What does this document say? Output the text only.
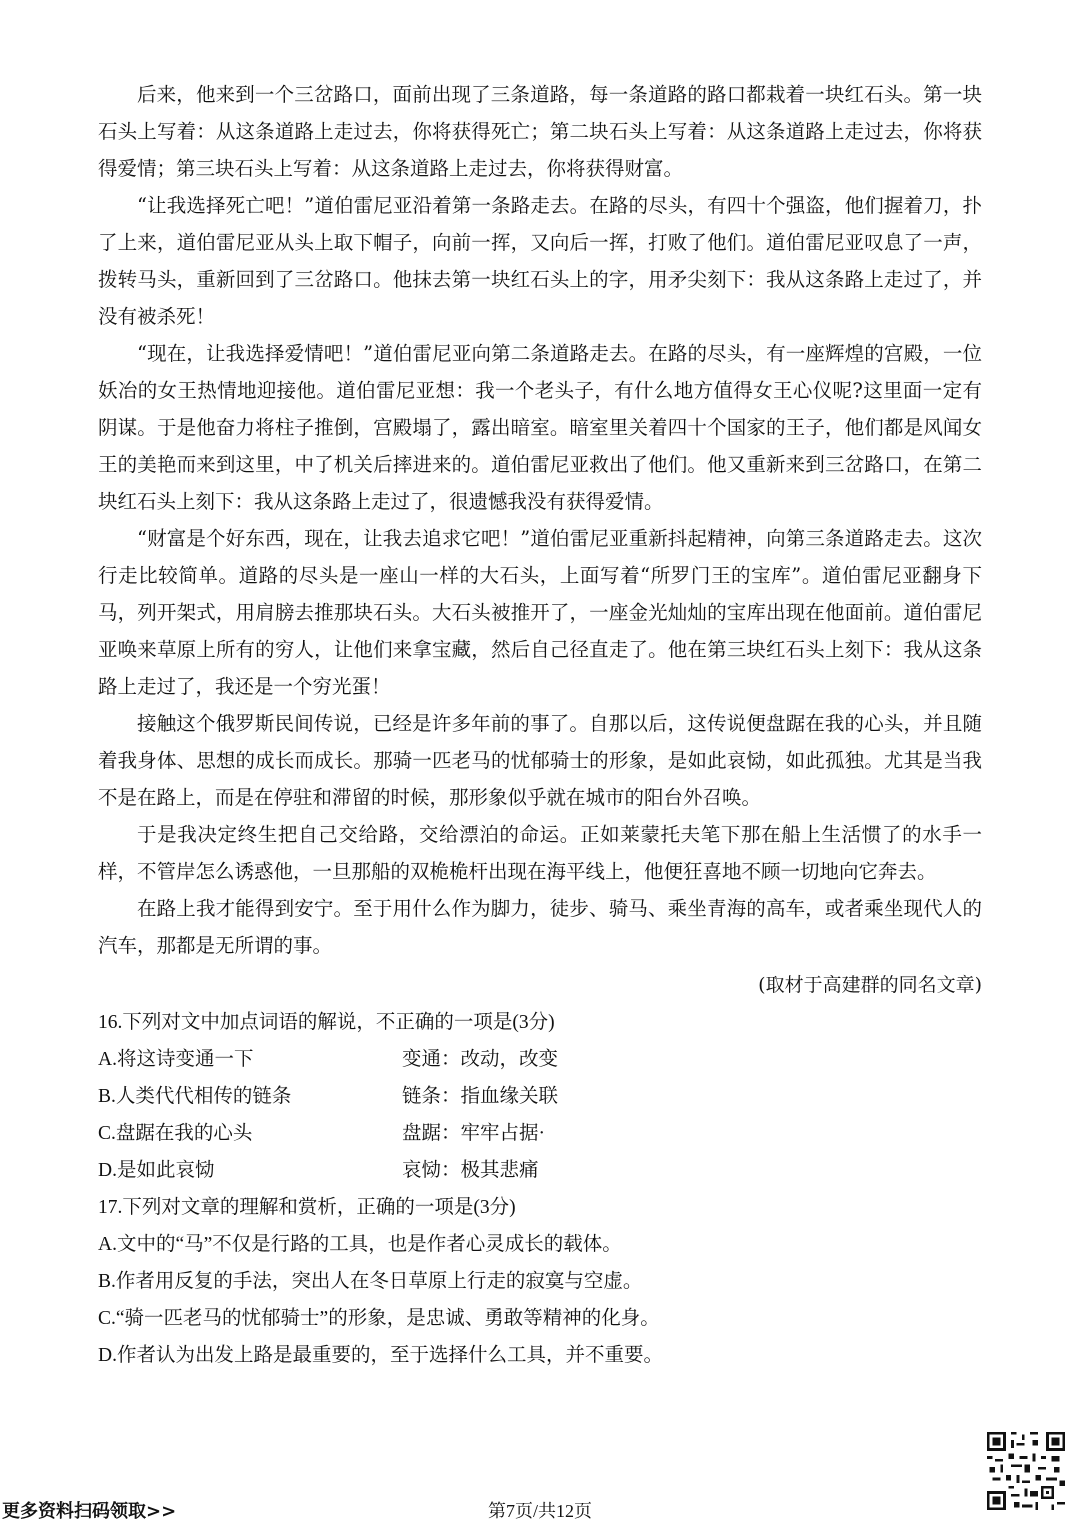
后来，他来到一个三岔路口，面前出现了三条道路，每一条道路的路口都栽着一块红石头。第一块石头上写着：从这条道路上走过去，你将获得死亡；第二块石头上写着：从这条道路上走过去，你将获得爱情；第三块石头上写着：从这条道路上走过去，你将获得财富。

“让我选择死亡吧！”道伯雷尼亚沿着第一条路走去。在路的尽头，有四十个强盗，他们握着刀，扑了上来，道伯雷尼亚从头上取下帽子，向前一挥，又向后一挥，打败了他们。道伯雷尼亚叹息了一声，拨转马头，重新回到了三岔路口。他抹去第一块红石头上的字，用矛尖刻下：我从这条路上走过了，并没有被杀死！

“现在，让我选择爱情吧！”道伯雷尼亚向第二条道路走去。在路的尽头，有一座辉煌的宫殿，一位妖冶的女王热情地迎接他。道伯雷尼亚想：我一个老头子，有什么地方值得女王心仪呢?这里面一定有阴谋。于是他奋力将柱子推倒，宫殿塌了，露出暗室。暗室里关着四十个国家的王子，他们都是风闻女王的美艳而来到这里，中了机关后摔进来的。道伯雷尼亚救出了他们。他又重新来到三岔路口，在第二块红石头上刻下：我从这条路上走过了，很遗憾我没有获得爱情。

“财富是个好东西，现在，让我去追求它吧！”道伯雷尼亚重新抖起精神，向第三条道路走去。这次行走比较简单。道路的尽头是一座山一样的大石头，上面写着“所罗门王的宝库”。道伯雷尼亚翻身下马，列开架式，用肩膀去推那块石头。大石头被推开了，一座金光灿灿的宝库出现在他面前。道伯雷尼亚唤来草原上所有的穷人，让他们来拿宝藏，然后自己径直走了。他在第三块红石头上刻下：我从这条路上走过了，我还是一个穷光蛋！

接触这个俄罗斯民间传说，已经是许多年前的事了。自那以后，这传说便盘踞在我的心头，并且随着我身体、思想的成长而成长。那骑一匹老马的忧郁骑士的形象，是如此哀恸，如此孤独。尤其是当我不是在路上，而是在停驻和滞留的时候，那形象似乎就在城市的阳台外召唤。

于是我决定终生把自己交给路，交给漂泊的命运。正如莱蒙托夫笔下那在船上生活惯了的水手一样，不管岸怎么诱惑他，一旦那船的双桅桅杆出现在海平线上，他便狂喜地不顾一切地向它奔去。

在路上我才能得到安宁。至于用什么作为脚力，徒步、骑马、乘坐青海的高车，或者乘坐现代人的汽车，那都是无所谓的事。

(取材于高建群的同名文章)
16.下列对文中加点词语的解说，不正确的一项是(3分)
A.将这诗变通一下	变通：改动，改变
B.人类代代相传的链条	链条：指血缘关联
C.盘踞在我的心头	盘踞：牢牢占据·
D.是如此哀恸	哀恸：极其悲痛
17.下列对文章的理解和赏析，正确的一项是(3分)
A.文中的“马”不仅是行路的工具，也是作者心灵成长的载体。
B.作者用反复的手法，突出人在冬日草原上行走的寂寞与空虚。
C.“骑一匹老马的忧郁骑士”的形象，是忠诚、勇敢等精神的化身。
D.作者认为出发上路是最重要的，至于选择什么工具，并不重要。
更多资料扫码领取>>	第7页/共12页
